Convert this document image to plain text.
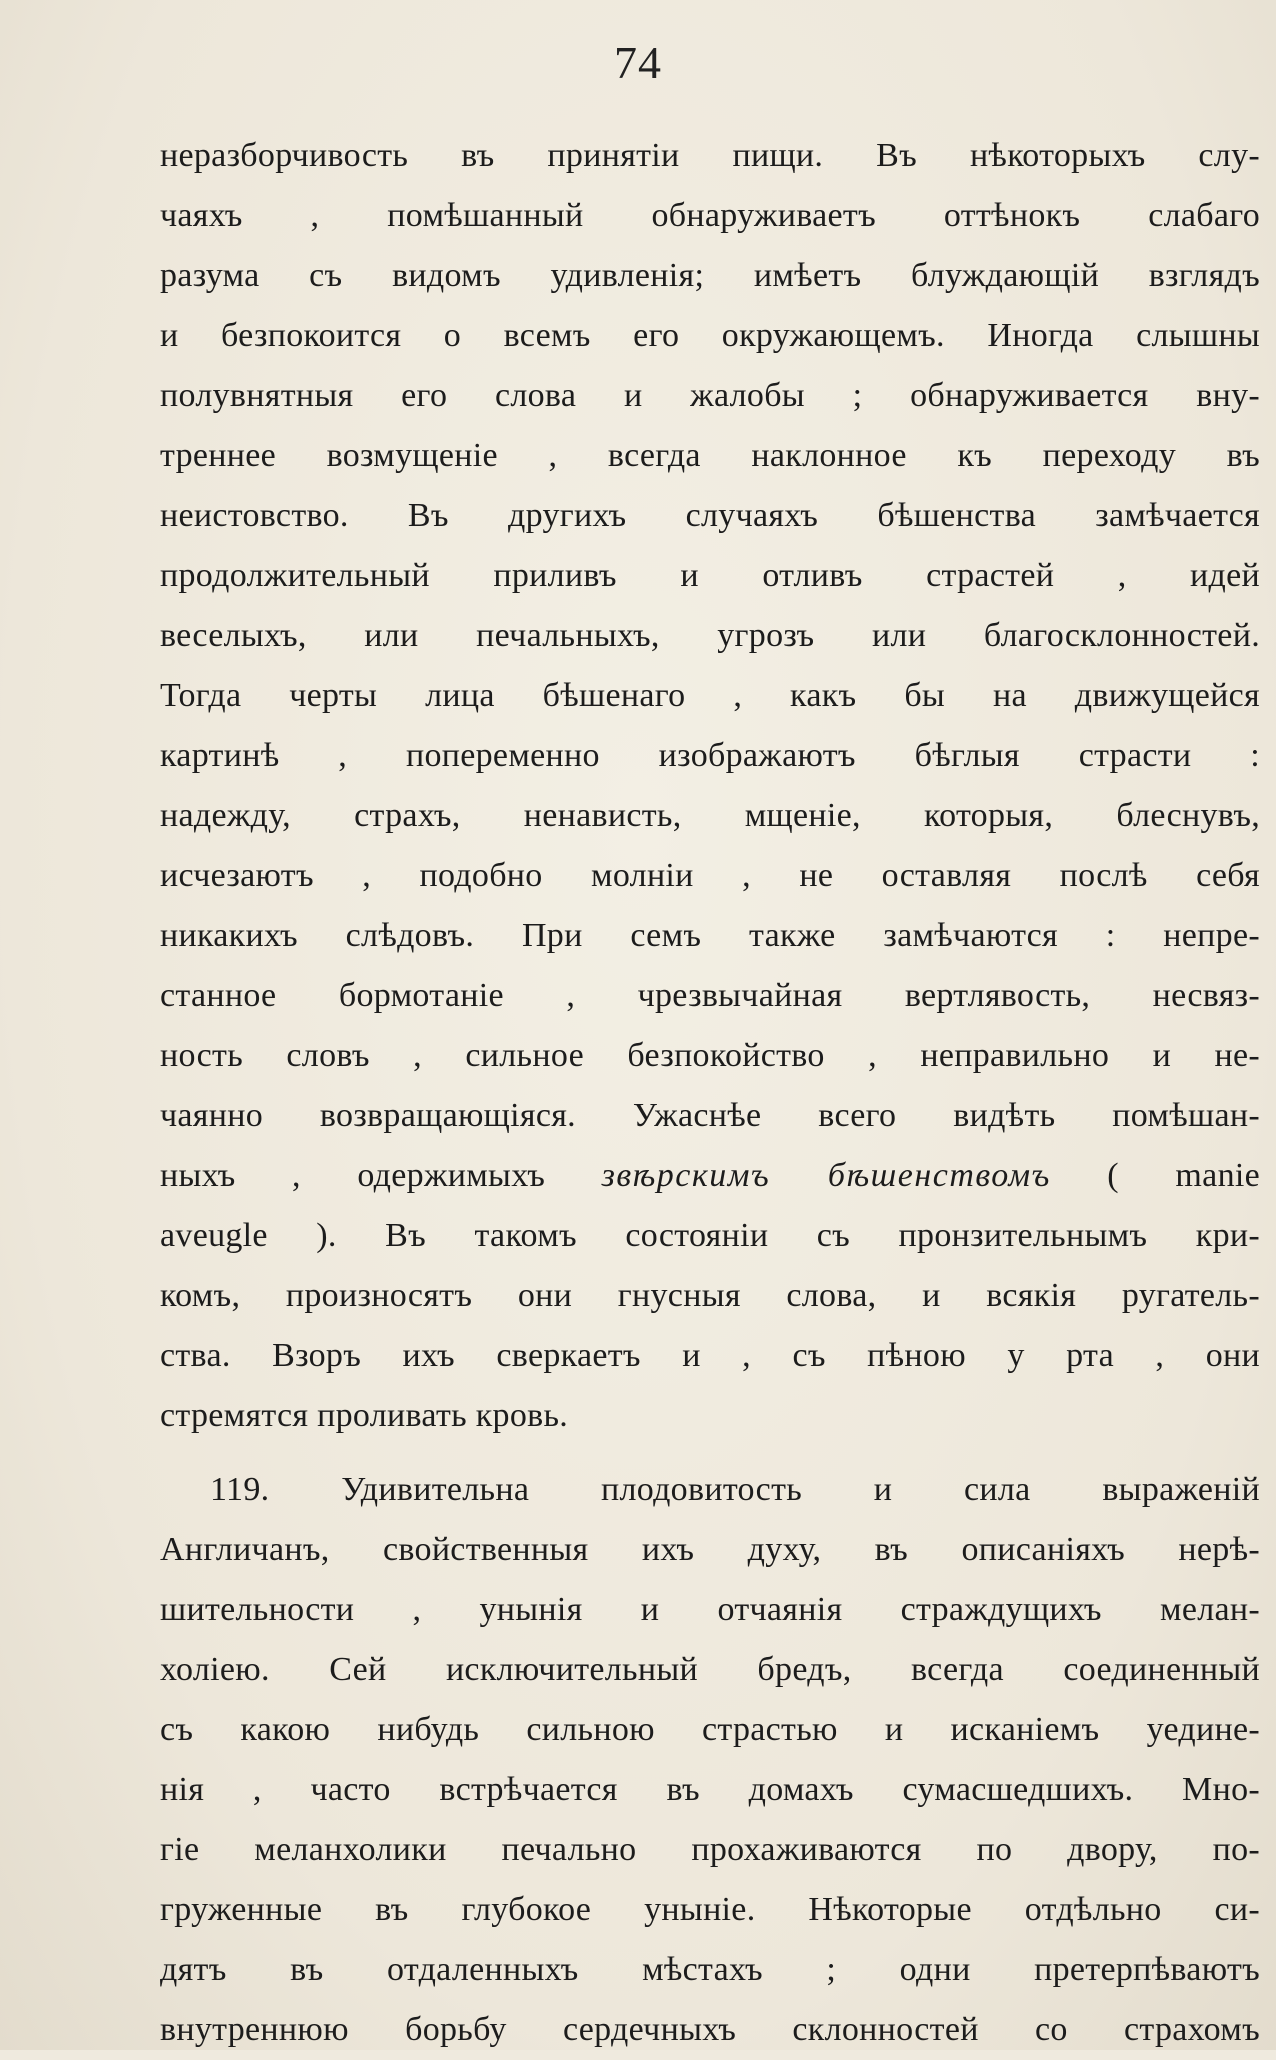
74
неразборчивость въ принятіи пищи. Въ нѣкоторыхъ слу-
чаяхъ , помѣшанный обнаруживаетъ оттѣнокъ слабаго
разума съ видомъ удивленія; имѣетъ блуждающій взглядъ
и безпокоится о всемъ его окружающемъ. Иногда слышны
полувнятныя его слова и жалобы ; обнаруживается вну-
треннее возмущеніе , всегда наклонное къ переходу въ
неистовство. Въ другихъ случаяхъ бѣшенства замѣчается
продолжительный приливъ и отливъ страстей , идей
веселыхъ, или печальныхъ, угрозъ или благосклонностей.
Тогда черты лица бѣшенаго , какъ бы на движущейся
картинѣ , попеременно изображаютъ бѣглыя страсти :
надежду, страхъ, ненависть, мщеніе, которыя, блеснувъ,
исчезаютъ , подобно молніи , не оставляя послѣ себя
никакихъ слѣдовъ. При семъ также замѣчаются : непре-
станное бормотаніе , чрезвычайная вертлявость, несвяз-
ность словъ , сильное безпокойство , неправильно и не-
чаянно возвращающіяся. Ужаснѣе всего видѣть помѣшан-
ныхъ , одержимыхъ звѣрскимъ бѣшенствомъ ( manie
aveugle ). Въ такомъ состояніи съ пронзительнымъ кри-
комъ, произносятъ они гнусныя слова, и всякія ругатель-
ства. Взоръ ихъ сверкаетъ и , съ пѣною у рта , они
стремятся проливать кровь.
119. Удивительна плодовитость и сила выраженій
Англичанъ, свойственныя ихъ духу, въ описаніяхъ нерѣ-
шительности , унынія и отчаянія страждущихъ мелан-
холіею. Сей исключительный бредъ, всегда соединенный
съ какою нибудь сильною страстью и исканіемъ уедине-
нія , часто встрѣчается въ домахъ сумасшедшихъ. Мно-
гіе меланхолики печально прохаживаются по двору, по-
груженные въ глубокое уныніе. Нѣкоторые отдѣльно си-
дятъ въ отдаленныхъ мѣстахъ ; одни претерпѣваютъ
внутреннюю борьбу сердечныхъ склонностей со страхомъ
